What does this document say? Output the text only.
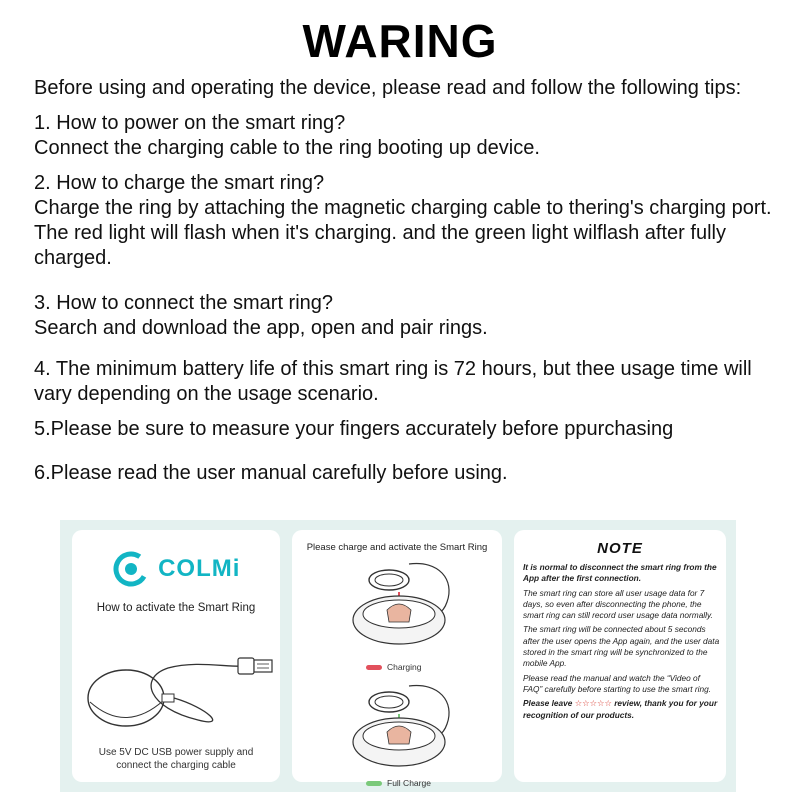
WARING

Before using and operating the device, please read and follow the following tips:

1. How to power on the smart ring?

Connect the charging cable to the ring booting up device.

2. How to charge the smart ring?

Charge the ring by attaching the magnetic charging cable to thering's charging port. The red light will flash when it's charging. and the green light wilflash after fully charged.

3. How to connect the smart ring?

Search and download the app, open and pair rings.

4. The minimum battery life of this smart ring is 72 hours, but thee usage time will vary depending on the usage scenario.

5.Please be sure to measure your fingers accurately before ppurchasing

6.Please read the user manual carefully before using.

COLMi
How to activate the Smart Ring
Use 5V DC USB power supply and connect the charging cable
Please charge and activate the Smart Ring
Charging
Full Charge
NOTE

It is normal to disconnect the smart ring from the App after the first connection.

The smart ring can store all user usage data for 7 days, so even after disconnecting the phone, the smart ring can still record user usage data normally.

The smart ring will be connected about 5 seconds after the user opens the App again, and the user data stored in the smart ring will be synchronized to the mobile App.

Please read the manual and watch the “Video of FAQ” carefully before starting to use the smart ring.

Please leave ☆☆☆☆☆ review, thank you for your recognition of our products.
